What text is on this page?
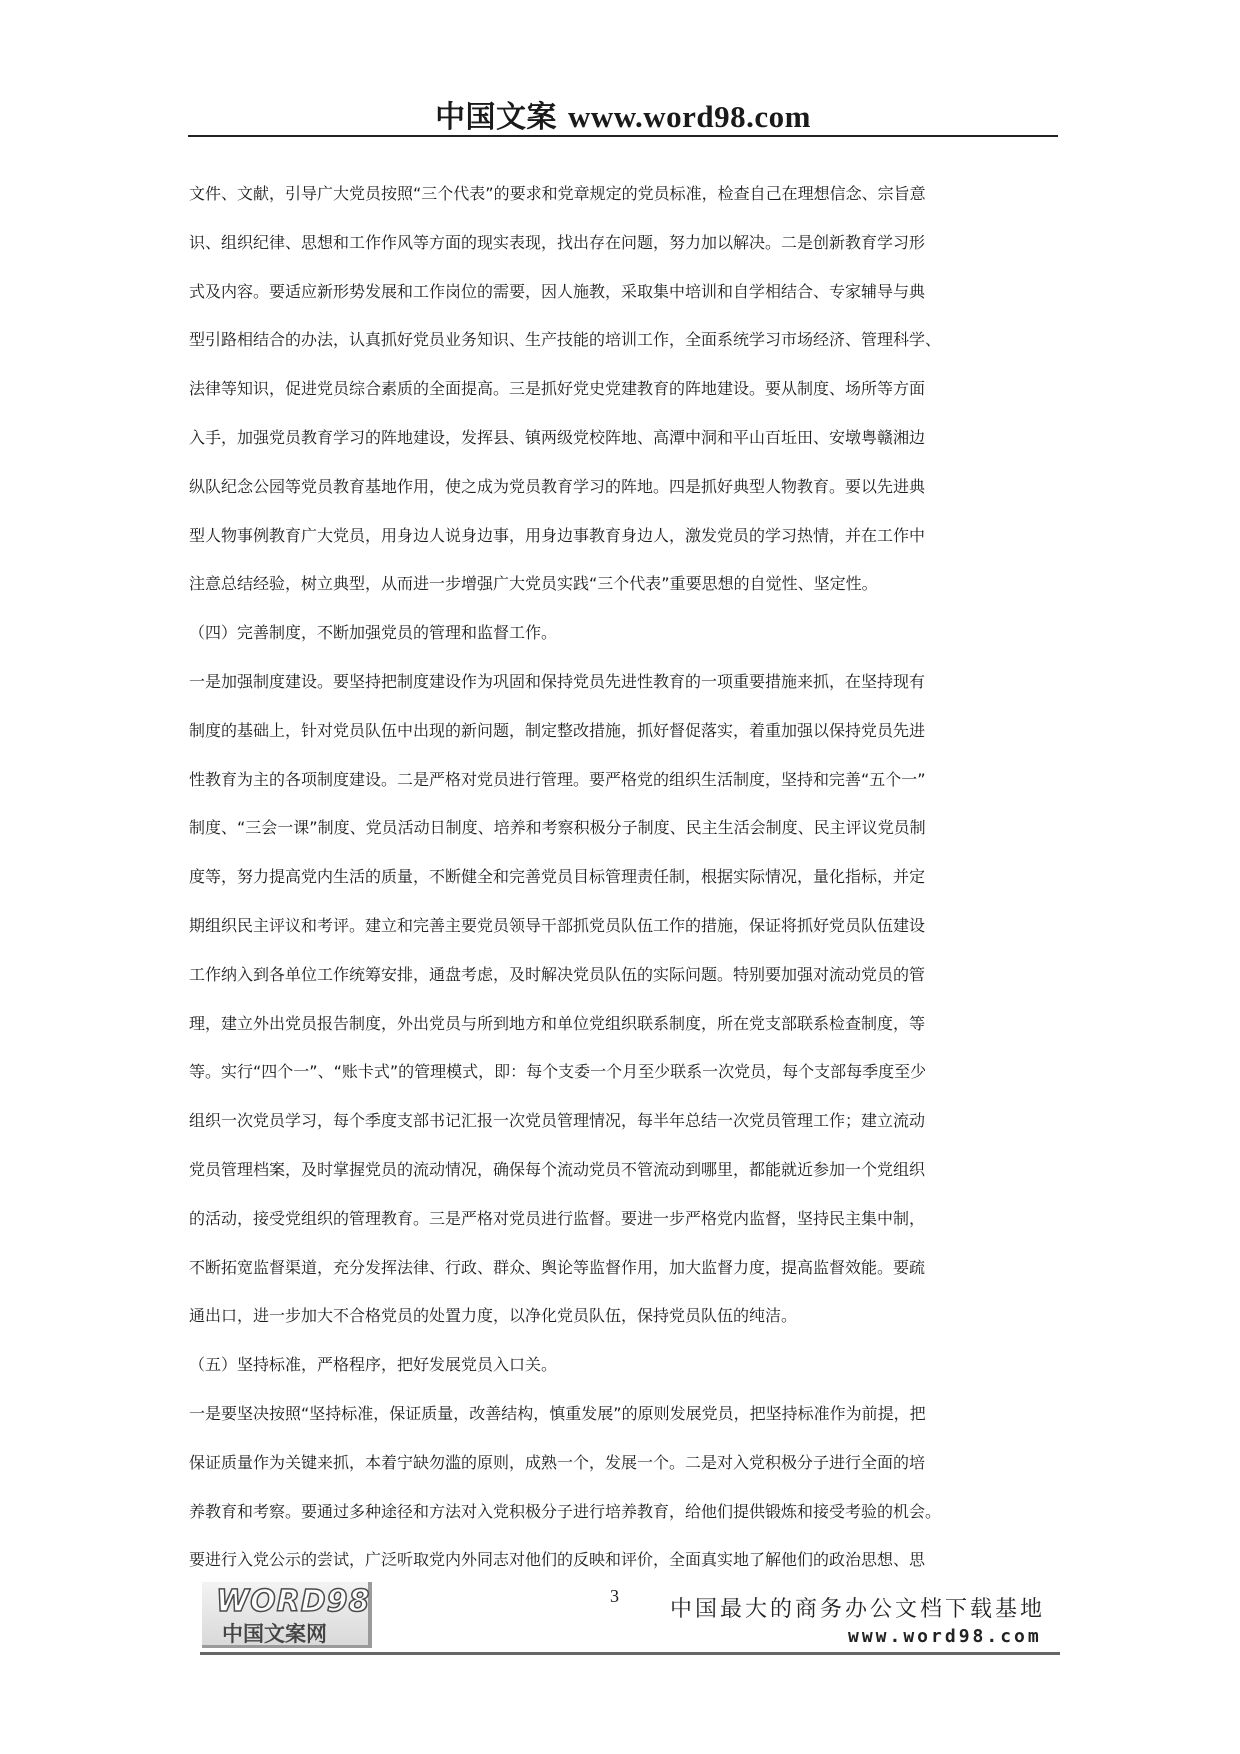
中国文案 www.word98.com

文件、文献，引导广大党员按照“三个代表”的要求和党章规定的党员标准，检查自己在理想信念、宗旨意

识、组织纪律、思想和工作作风等方面的现实表现，找出存在问题，努力加以解决。二是创新教育学习形

式及内容。要适应新形势发展和工作岗位的需要，因人施教，采取集中培训和自学相结合、专家辅导与典

型引路相结合的办法，认真抓好党员业务知识、生产技能的培训工作，全面系统学习市场经济、管理科学、

法律等知识，促进党员综合素质的全面提高。三是抓好党史党建教育的阵地建设。要从制度、场所等方面

入手，加强党员教育学习的阵地建设，发挥县、镇两级党校阵地、高潭中洞和平山百坵田、安墩粤赣湘边

纵队纪念公园等党员教育基地作用，使之成为党员教育学习的阵地。四是抓好典型人物教育。要以先进典

型人物事例教育广大党员，用身边人说身边事，用身边事教育身边人，激发党员的学习热情，并在工作中

注意总结经验，树立典型，从而进一步增强广大党员实践“三个代表”重要思想的自觉性、坚定性。

（四）完善制度，不断加强党员的管理和监督工作。

一是加强制度建设。要坚持把制度建设作为巩固和保持党员先进性教育的一项重要措施来抓，在坚持现有

制度的基础上，针对党员队伍中出现的新问题，制定整改措施，抓好督促落实，着重加强以保持党员先进

性教育为主的各项制度建设。二是严格对党员进行管理。要严格党的组织生活制度，坚持和完善“五个一”

制度、“三会一课”制度、党员活动日制度、培养和考察积极分子制度、民主生活会制度、民主评议党员制

度等，努力提高党内生活的质量，不断健全和完善党员目标管理责任制，根据实际情况，量化指标，并定

期组织民主评议和考评。建立和完善主要党员领导干部抓党员队伍工作的措施，保证将抓好党员队伍建设

工作纳入到各单位工作统筹安排，通盘考虑，及时解决党员队伍的实际问题。特别要加强对流动党员的管

理，建立外出党员报告制度，外出党员与所到地方和单位党组织联系制度，所在党支部联系检查制度，等

等。实行“四个一”、“账卡式”的管理模式，即：每个支委一个月至少联系一次党员，每个支部每季度至少

组织一次党员学习，每个季度支部书记汇报一次党员管理情况，每半年总结一次党员管理工作；建立流动

党员管理档案，及时掌握党员的流动情况，确保每个流动党员不管流动到哪里，都能就近参加一个党组织

的活动，接受党组织的管理教育。三是严格对党员进行监督。要进一步严格党内监督，坚持民主集中制，

不断拓宽监督渠道，充分发挥法律、行政、群众、舆论等监督作用，加大监督力度，提高监督效能。要疏

通出口，进一步加大不合格党员的处置力度，以净化党员队伍，保持党员队伍的纯洁。

（五）坚持标准，严格程序，把好发展党员入口关。

一是要坚决按照“坚持标准，保证质量，改善结构，慎重发展”的原则发展党员，把坚持标准作为前提，把

保证质量作为关键来抓，本着宁缺勿滥的原则，成熟一个，发展一个。二是对入党积极分子进行全面的培

养教育和考察。要通过多种途径和方法对入党积极分子进行培养教育，给他们提供锻炼和接受考验的机会。

要进行入党公示的尝试，广泛听取党内外同志对他们的反映和评价，全面真实地了解他们的政治思想、思

WORD98
中国文案网
3
中国最大的商务办公文档下载基地
www.word98.com
